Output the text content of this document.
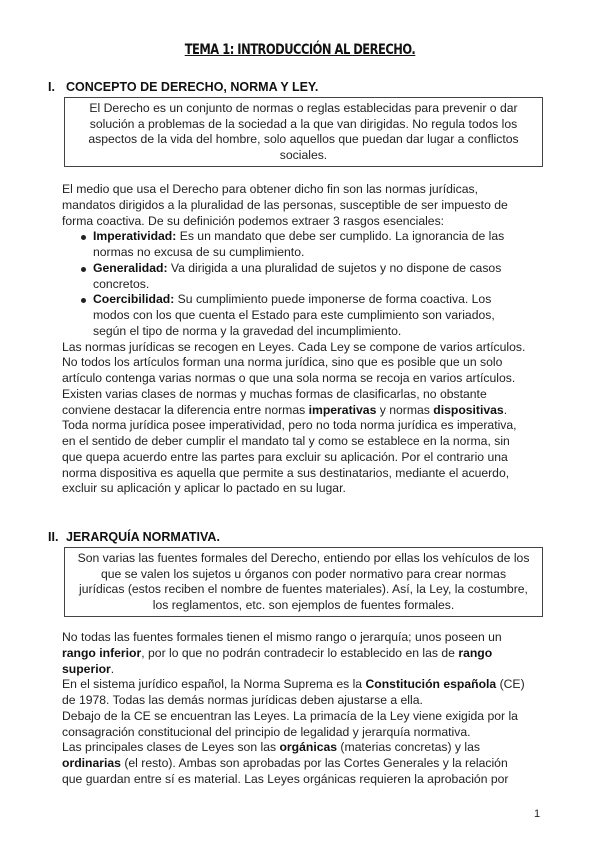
TEMA 1: INTRODUCCIÓN AL DERECHO.
I. CONCEPTO DE DERECHO, NORMA Y LEY.
El Derecho es un conjunto de normas o reglas establecidas para prevenir o dar
solución a problemas de la sociedad a la que van dirigidas. No regula todos los
aspectos de la vida del hombre, solo aquellos que puedan dar lugar a conflictos
sociales.
El medio que usa el Derecho para obtener dicho fin son las normas jurídicas,
mandatos dirigidos a la pluralidad de las personas, susceptible de ser impuesto de
forma coactiva. De su definición podemos extraer 3 rasgos esenciales:
Imperatividad: Es un mandato que debe ser cumplido. La ignorancia de las
normas no excusa de su cumplimiento.
Generalidad: Va dirigida a una pluralidad de sujetos y no dispone de casos
concretos.
Coercibilidad: Su cumplimiento puede imponerse de forma coactiva. Los
modos con los que cuenta el Estado para este cumplimiento son variados,
según el tipo de norma y la gravedad del incumplimiento.
Las normas jurídicas se recogen en Leyes. Cada Ley se compone de varios artículos.
No todos los artículos forman una norma jurídica, sino que es posible que un solo
artículo contenga varias normas o que una sola norma se recoja en varios artículos.
Existen varias clases de normas y muchas formas de clasificarlas, no obstante
conviene destacar la diferencia entre normas imperativas y normas dispositivas.
Toda norma jurídica posee imperatividad, pero no toda norma jurídica es imperativa,
en el sentido de deber cumplir el mandato tal y como se establece en la norma, sin
que quepa acuerdo entre las partes para excluir su aplicación. Por el contrario una
norma dispositiva es aquella que permite a sus destinatarios, mediante el acuerdo,
excluir su aplicación y aplicar lo pactado en su lugar.
II. JERARQUÍA NORMATIVA.
Son varias las fuentes formales del Derecho, entiendo por ellas los vehículos de los
que se valen los sujetos u órganos con poder normativo para crear normas
jurídicas (estos reciben el nombre de fuentes materiales). Así, la Ley, la costumbre,
los reglamentos, etc. son ejemplos de fuentes formales.
No todas las fuentes formales tienen el mismo rango o jerarquía; unos poseen un
rango inferior, por lo que no podrán contradecir lo establecido en las de rango
superior.
En el sistema jurídico español, la Norma Suprema es la Constitución española (CE)
de 1978. Todas las demás normas jurídicas deben ajustarse a ella.
Debajo de la CE se encuentran las Leyes. La primacía de la Ley viene exigida por la
consagración constitucional del principio de legalidad y jerarquía normativa.
Las principales clases de Leyes son las orgánicas (materias concretas) y las
ordinarias (el resto). Ambas son aprobadas por las Cortes Generales y la relación
que guardan entre sí es material. Las Leyes orgánicas requieren la aprobación por
1
